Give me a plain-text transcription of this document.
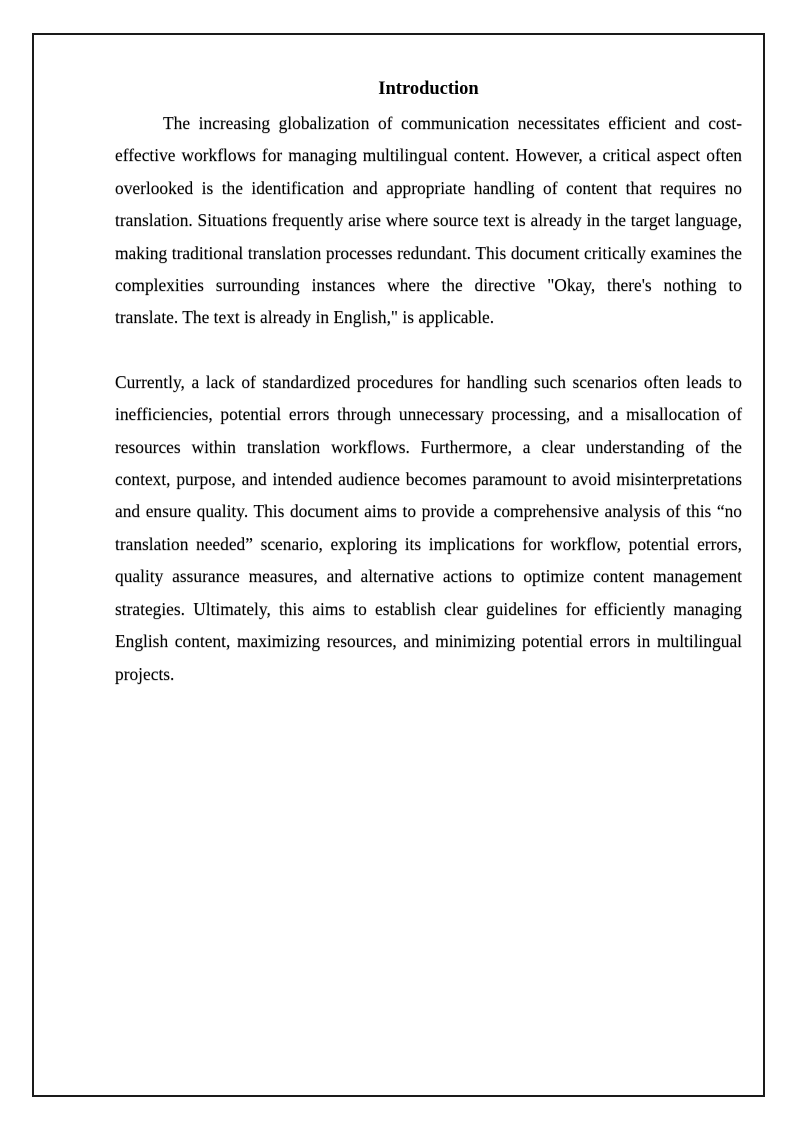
Introduction

The increasing globalization of communication necessitates efficient and cost-effective workflows for managing multilingual content. However, a critical aspect often overlooked is the identification and appropriate handling of content that requires no translation. Situations frequently arise where source text is already in the target language, making traditional translation processes redundant. This document critically examines the complexities surrounding instances where the directive "Okay, there's nothing to translate. The text is already in English," is applicable.

Currently, a lack of standardized procedures for handling such scenarios often leads to inefficiencies, potential errors through unnecessary processing, and a misallocation of resources within translation workflows. Furthermore, a clear understanding of the context, purpose, and intended audience becomes paramount to avoid misinterpretations and ensure quality. This document aims to provide a comprehensive analysis of this “no translation needed” scenario, exploring its implications for workflow, potential errors, quality assurance measures, and alternative actions to optimize content management strategies. Ultimately, this aims to establish clear guidelines for efficiently managing English content, maximizing resources, and minimizing potential errors in multilingual projects.
